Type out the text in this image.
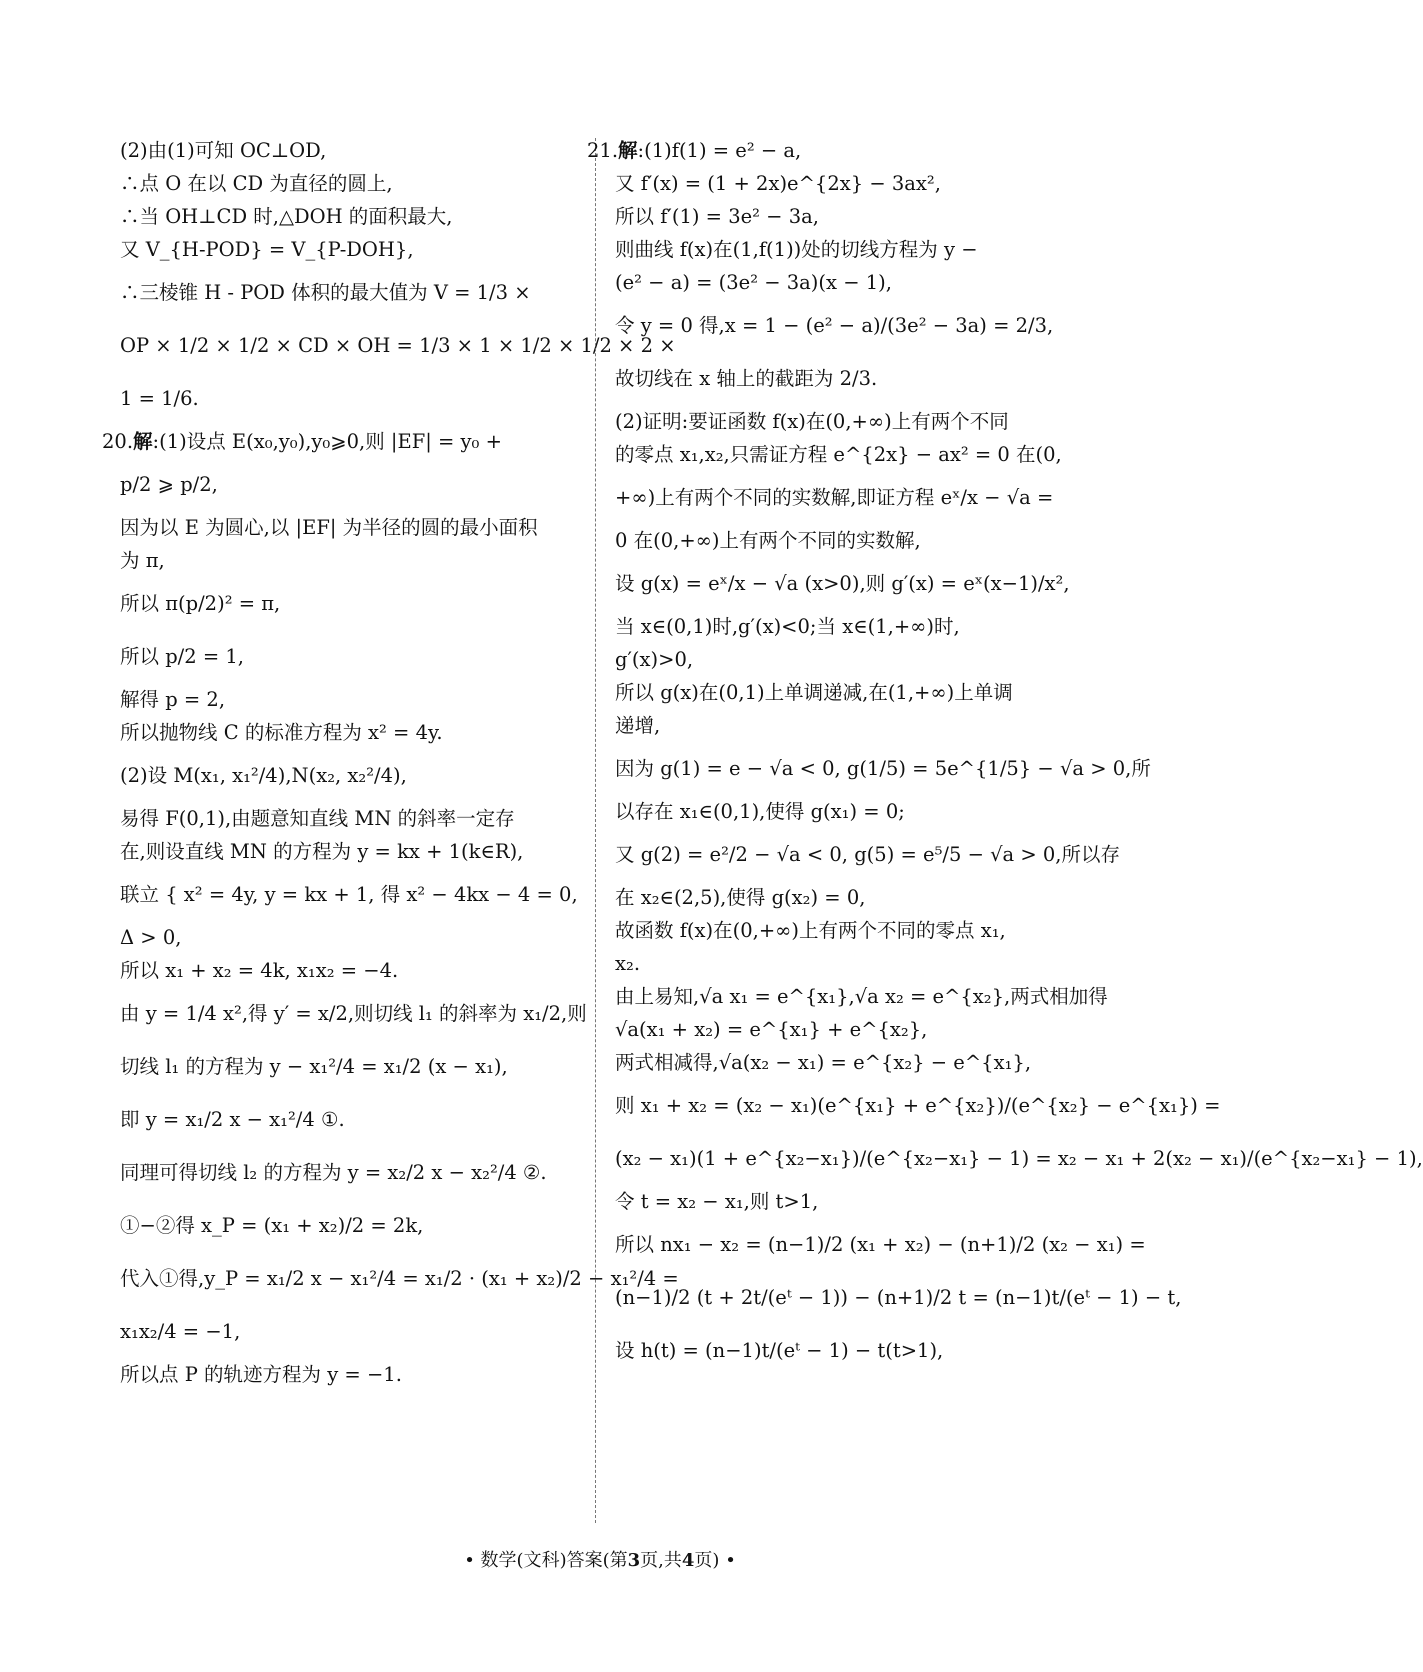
(2)由(1)可知 OC⊥OD,
∴点 O 在以 CD 为直径的圆上,
∴当 OH⊥CD 时,△DOH 的面积最大,
又 V_{H-POD} = V_{P-DOH},
∴三棱锥 H - POD 体积的最大值为 V = 1/3 ×
OP × 1/2 × 1/2 × CD × OH = 1/3 × 1 × 1/2 × 1/2 × 2 ×
1 = 1/6.
20.解:(1)设点 E(x₀,y₀),y₀⩾0,则 |EF| = y₀ +
p/2 ⩾ p/2,
因为以 E 为圆心,以 |EF| 为半径的圆的最小面积
为 π,
所以 π(p/2)² = π,
所以 p/2 = 1,
解得 p = 2,
所以抛物线 C 的标准方程为 x² = 4y.
(2)设 M(x₁, x₁²/4),N(x₂, x₂²/4),
易得 F(0,1),由题意知直线 MN 的斜率一定存
在,则设直线 MN 的方程为 y = kx + 1(k∈R),
联立 { x² = 4y, y = kx + 1, 得 x² − 4kx − 4 = 0,
Δ > 0,
所以 x₁ + x₂ = 4k, x₁x₂ = −4.
由 y = 1/4 x²,得 y′ = x/2,则切线 l₁ 的斜率为 x₁/2,则
切线 l₁ 的方程为 y − x₁²/4 = x₁/2 (x − x₁),
即 y = x₁/2 x − x₁²/4 ①.
同理可得切线 l₂ 的方程为 y = x₂/2 x − x₂²/4 ②.
①−②得 x_P = (x₁ + x₂)/2 = 2k,
代入①得,y_P = x₁/2 x − x₁²/4 = x₁/2 · (x₁ + x₂)/2 − x₁²/4 =
x₁x₂/4 = −1,
所以点 P 的轨迹方程为 y = −1.
21.解:(1)f(1) = e² − a,
又 f′(x) = (1 + 2x)e^{2x} − 3ax²,
所以 f′(1) = 3e² − 3a,
则曲线 f(x)在(1,f(1))处的切线方程为 y −
(e² − a) = (3e² − 3a)(x − 1),
令 y = 0 得,x = 1 − (e² − a)/(3e² − 3a) = 2/3,
故切线在 x 轴上的截距为 2/3.
(2)证明:要证函数 f(x)在(0,+∞)上有两个不同
的零点 x₁,x₂,只需证方程 e^{2x} − ax² = 0 在(0,
+∞)上有两个不同的实数解,即证方程 eˣ/x − √a =
0 在(0,+∞)上有两个不同的实数解,
设 g(x) = eˣ/x − √a (x>0),则 g′(x) = eˣ(x−1)/x²,
当 x∈(0,1)时,g′(x)<0;当 x∈(1,+∞)时,
g′(x)>0,
所以 g(x)在(0,1)上单调递减,在(1,+∞)上单调
递增,
因为 g(1) = e − √a < 0, g(1/5) = 5e^{1/5} − √a > 0,所
以存在 x₁∈(0,1),使得 g(x₁) = 0;
又 g(2) = e²/2 − √a < 0, g(5) = e⁵/5 − √a > 0,所以存
在 x₂∈(2,5),使得 g(x₂) = 0,
故函数 f(x)在(0,+∞)上有两个不同的零点 x₁,
x₂.
由上易知,√a x₁ = e^{x₁},√a x₂ = e^{x₂},两式相加得
√a(x₁ + x₂) = e^{x₁} + e^{x₂},
两式相减得,√a(x₂ − x₁) = e^{x₂} − e^{x₁},
则 x₁ + x₂ = (x₂ − x₁)(e^{x₁} + e^{x₂})/(e^{x₂} − e^{x₁}) =
(x₂ − x₁)(1 + e^{x₂−x₁})/(e^{x₂−x₁} − 1) = x₂ − x₁ + 2(x₂ − x₁)/(e^{x₂−x₁} − 1),
令 t = x₂ − x₁,则 t>1,
所以 nx₁ − x₂ = (n−1)/2 (x₁ + x₂) − (n+1)/2 (x₂ − x₁) =
(n−1)/2 (t + 2t/(eᵗ − 1)) − (n+1)/2 t = (n−1)t/(eᵗ − 1) − t,
设 h(t) = (n−1)t/(eᵗ − 1) − t(t>1),
• 数学(文科)答案(第3页,共4页) •
